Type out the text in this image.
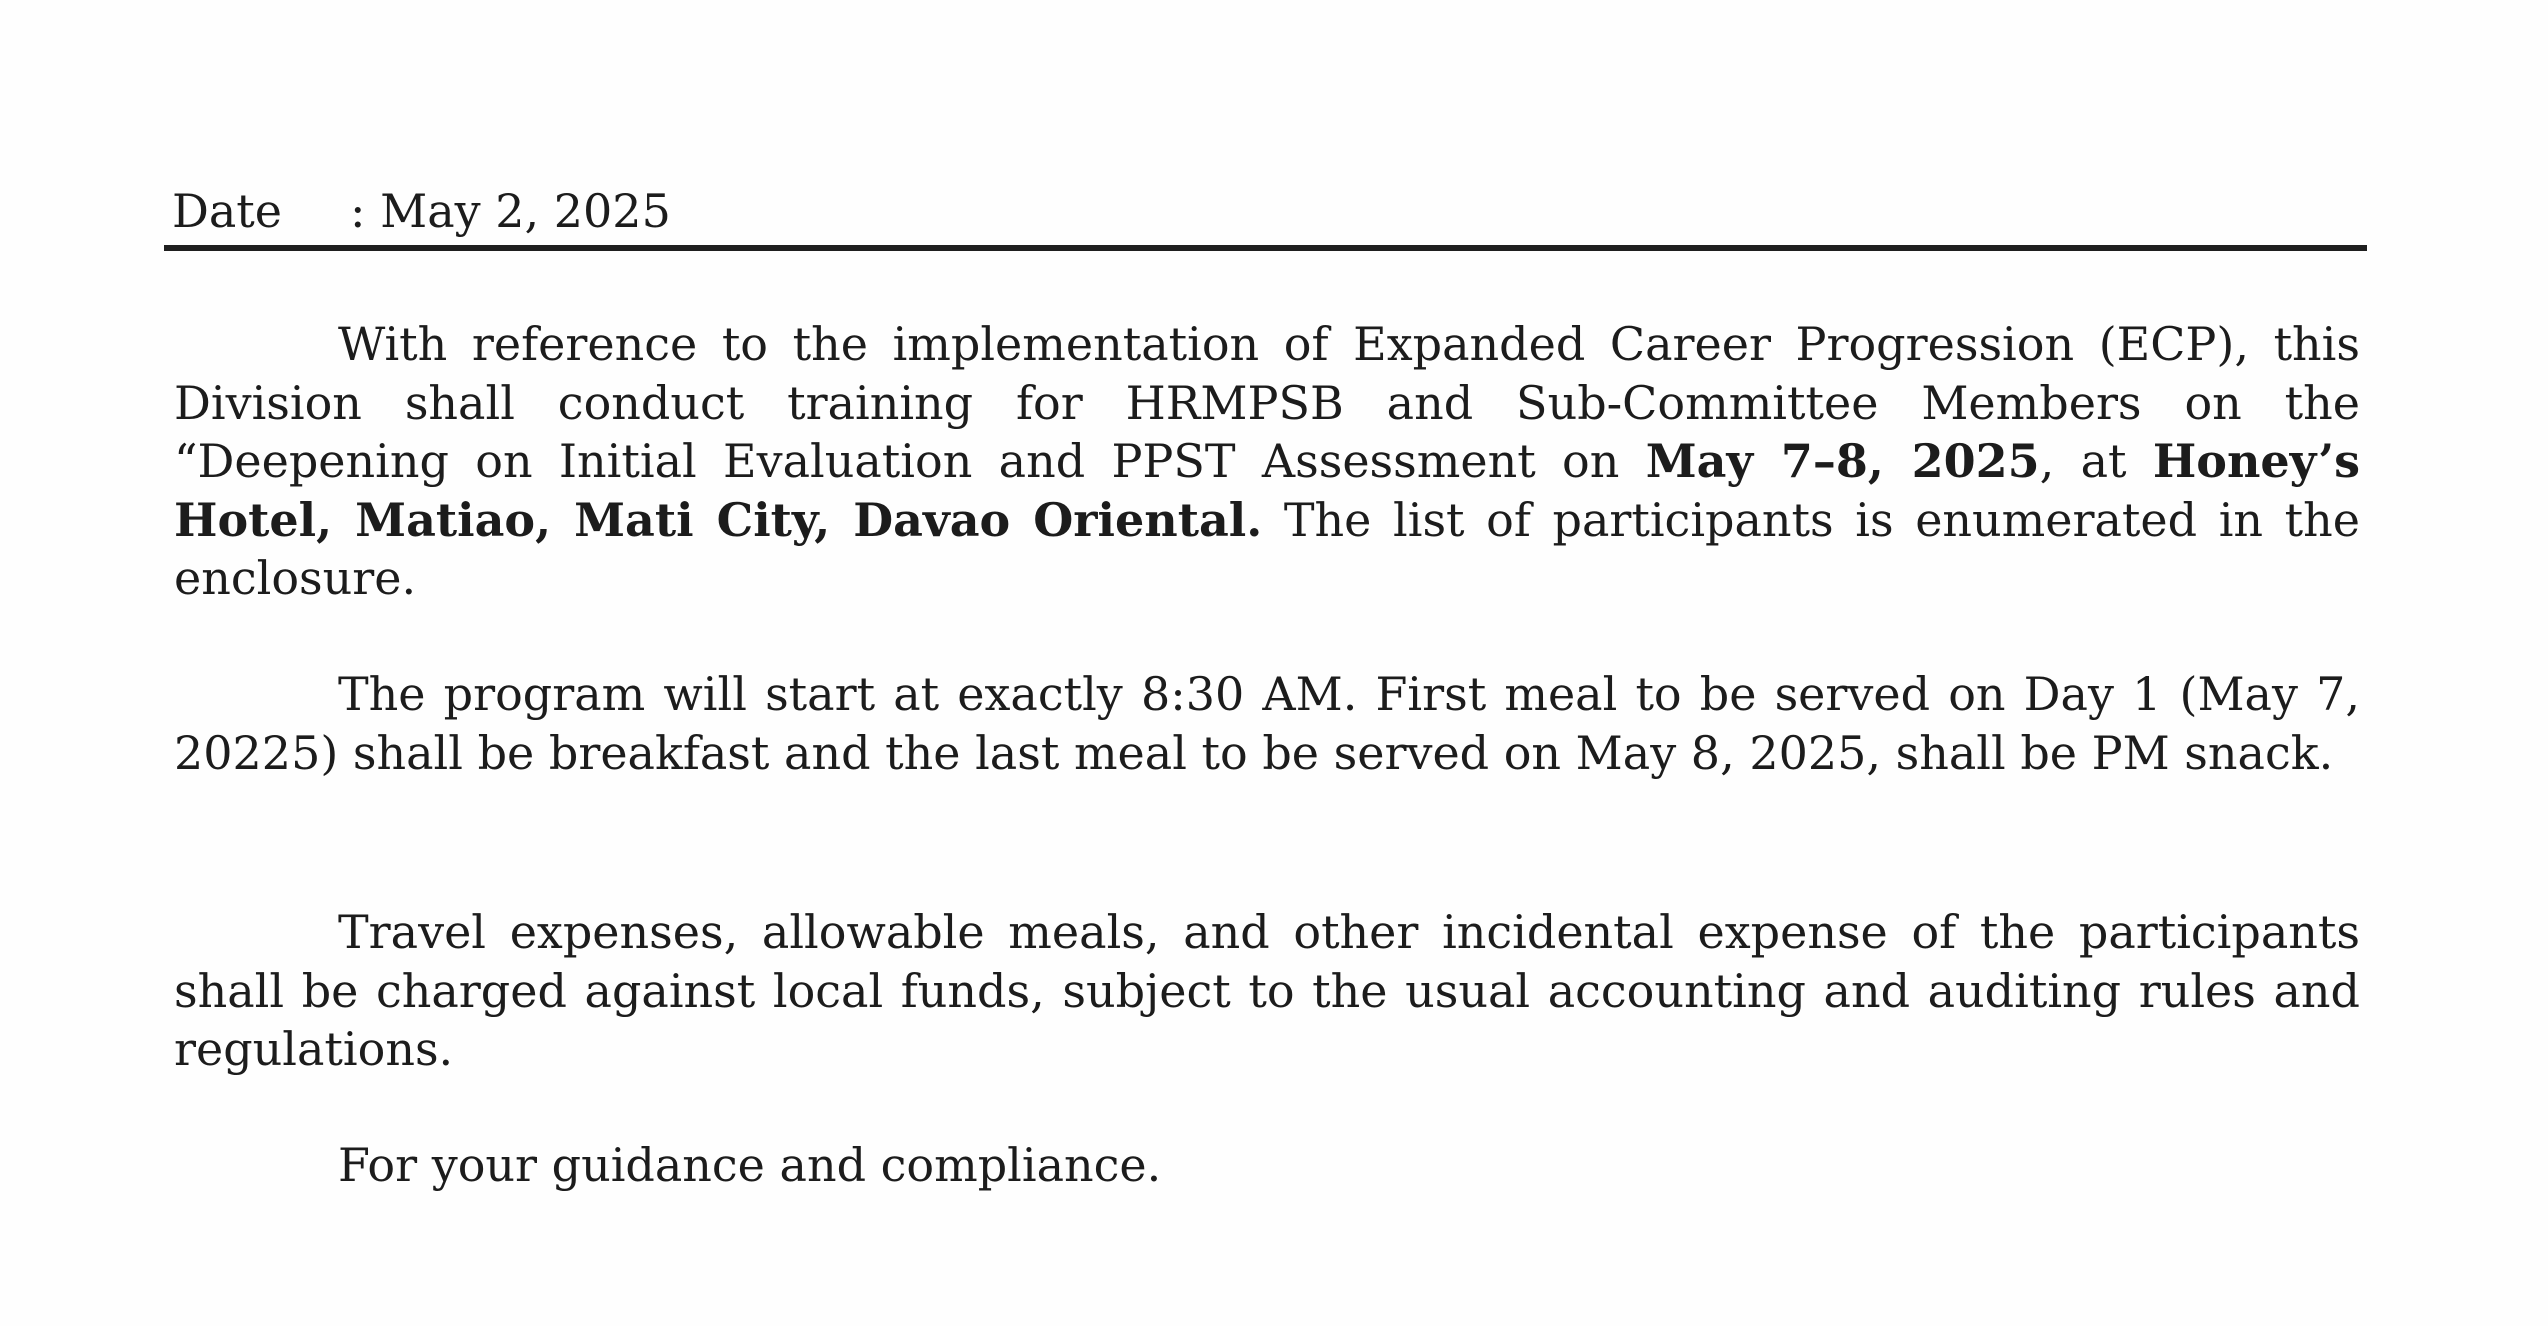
Date : May 2, 2025

With reference to the implementation of Expanded Career Progression (ECP), this Division shall conduct training for HRMPSB and Sub-Committee Members on the “Deepening on Initial Evaluation and PPST Assessment on May 7–8, 2025, at Honey’s Hotel, Matiao, Mati City, Davao Oriental. The list of participants is enumerated in the enclosure.

The program will start at exactly 8:30 AM. First meal to be served on Day 1 (May 7, 20225) shall be breakfast and the last meal to be served on May 8, 2025, shall be PM snack.

Travel expenses, allowable meals, and other incidental expense of the participants shall be charged against local funds, subject to the usual accounting and auditing rules and regulations.

For your guidance and compliance.
